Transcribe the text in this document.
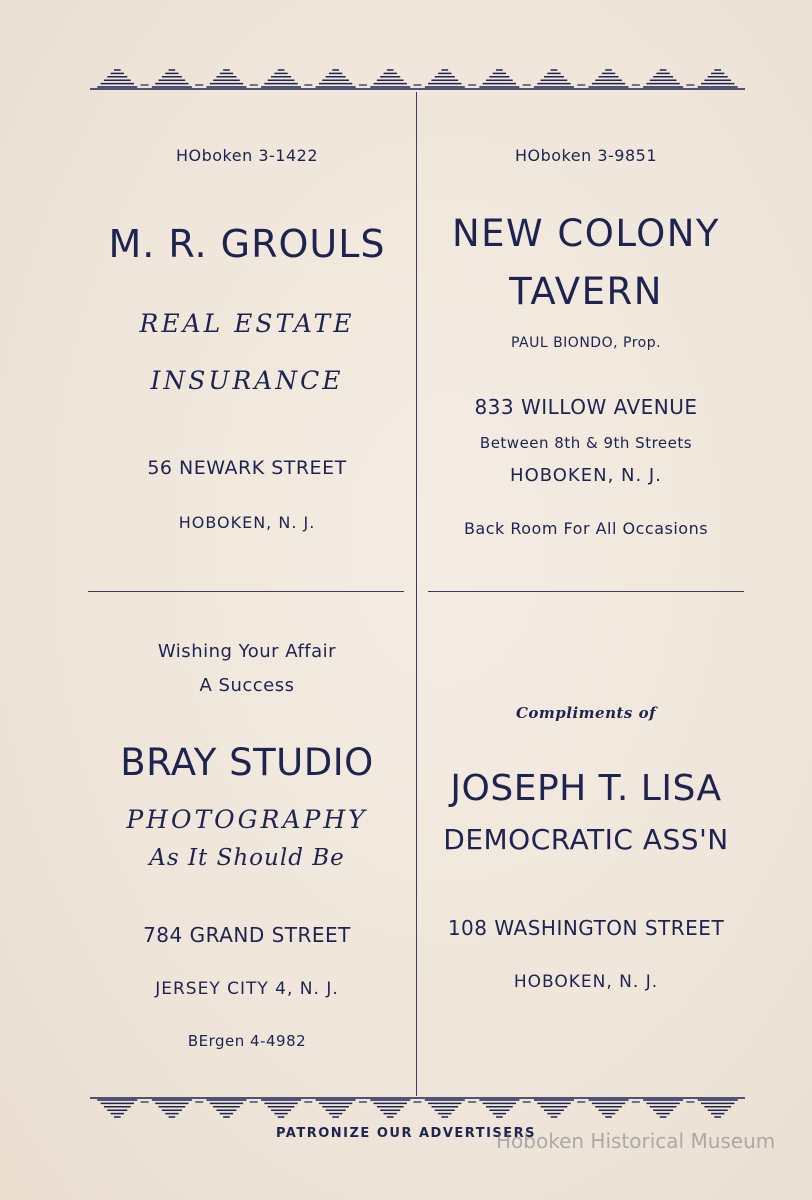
HOboken 3-1422
M. R. GROULS
REAL ESTATE
INSURANCE
56 NEWARK STREET
HOBOKEN, N. J.
HOboken 3-9851
NEW COLONY
TAVERN
PAUL BIONDO, Prop.
833 WILLOW AVENUE
Between 8th & 9th Streets
HOBOKEN, N. J.
Back Room For All Occasions
Wishing Your Affair
A Success
BRAY STUDIO
PHOTOGRAPHY
As It Should Be
784 GRAND STREET
JERSEY CITY 4, N. J.
BErgen 4-4982
Compliments of
JOSEPH T. LISA
DEMOCRATIC ASS'N
108 WASHINGTON STREET
HOBOKEN, N. J.
PATRONIZE OUR ADVERTISERS
Hoboken Historical Museum
